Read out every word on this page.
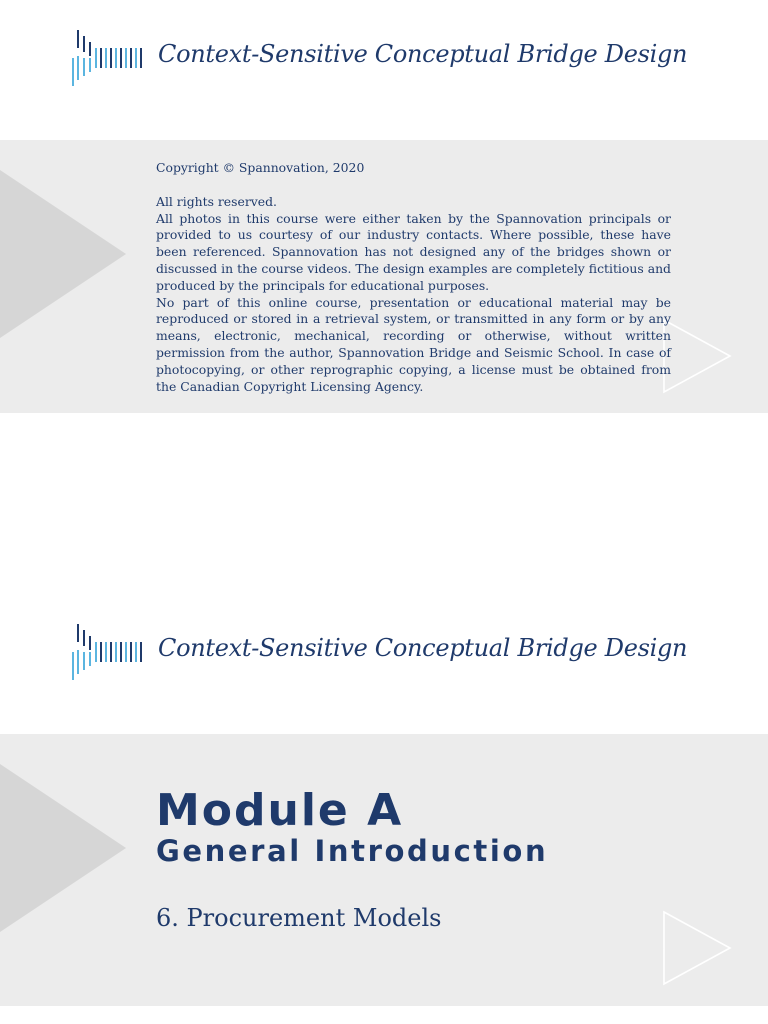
Context-Sensitive Conceptual Bridge Design

Copyright © Spannovation, 2020

All rights reserved.

All photos in this course were either taken by the Spannovation principals or provided to us courtesy of our industry contacts. Where possible, these have been referenced. Spannovation has not designed any of the bridges shown or discussed in the course videos. The design examples are completely fictitious and produced by the principals for educational purposes.

No part of this online course, presentation or educational material may be reproduced or stored in a retrieval system, or transmitted in any form or by any means, electronic, mechanical, recording or otherwise, without written permission from the author, Spannovation Bridge and Seismic School. In case of photocopying, or other reprographic copying, a license must be obtained from the Canadian Copyright Licensing Agency.

Context-Sensitive Conceptual Bridge Design
Module A
General Introduction
6. Procurement Models
